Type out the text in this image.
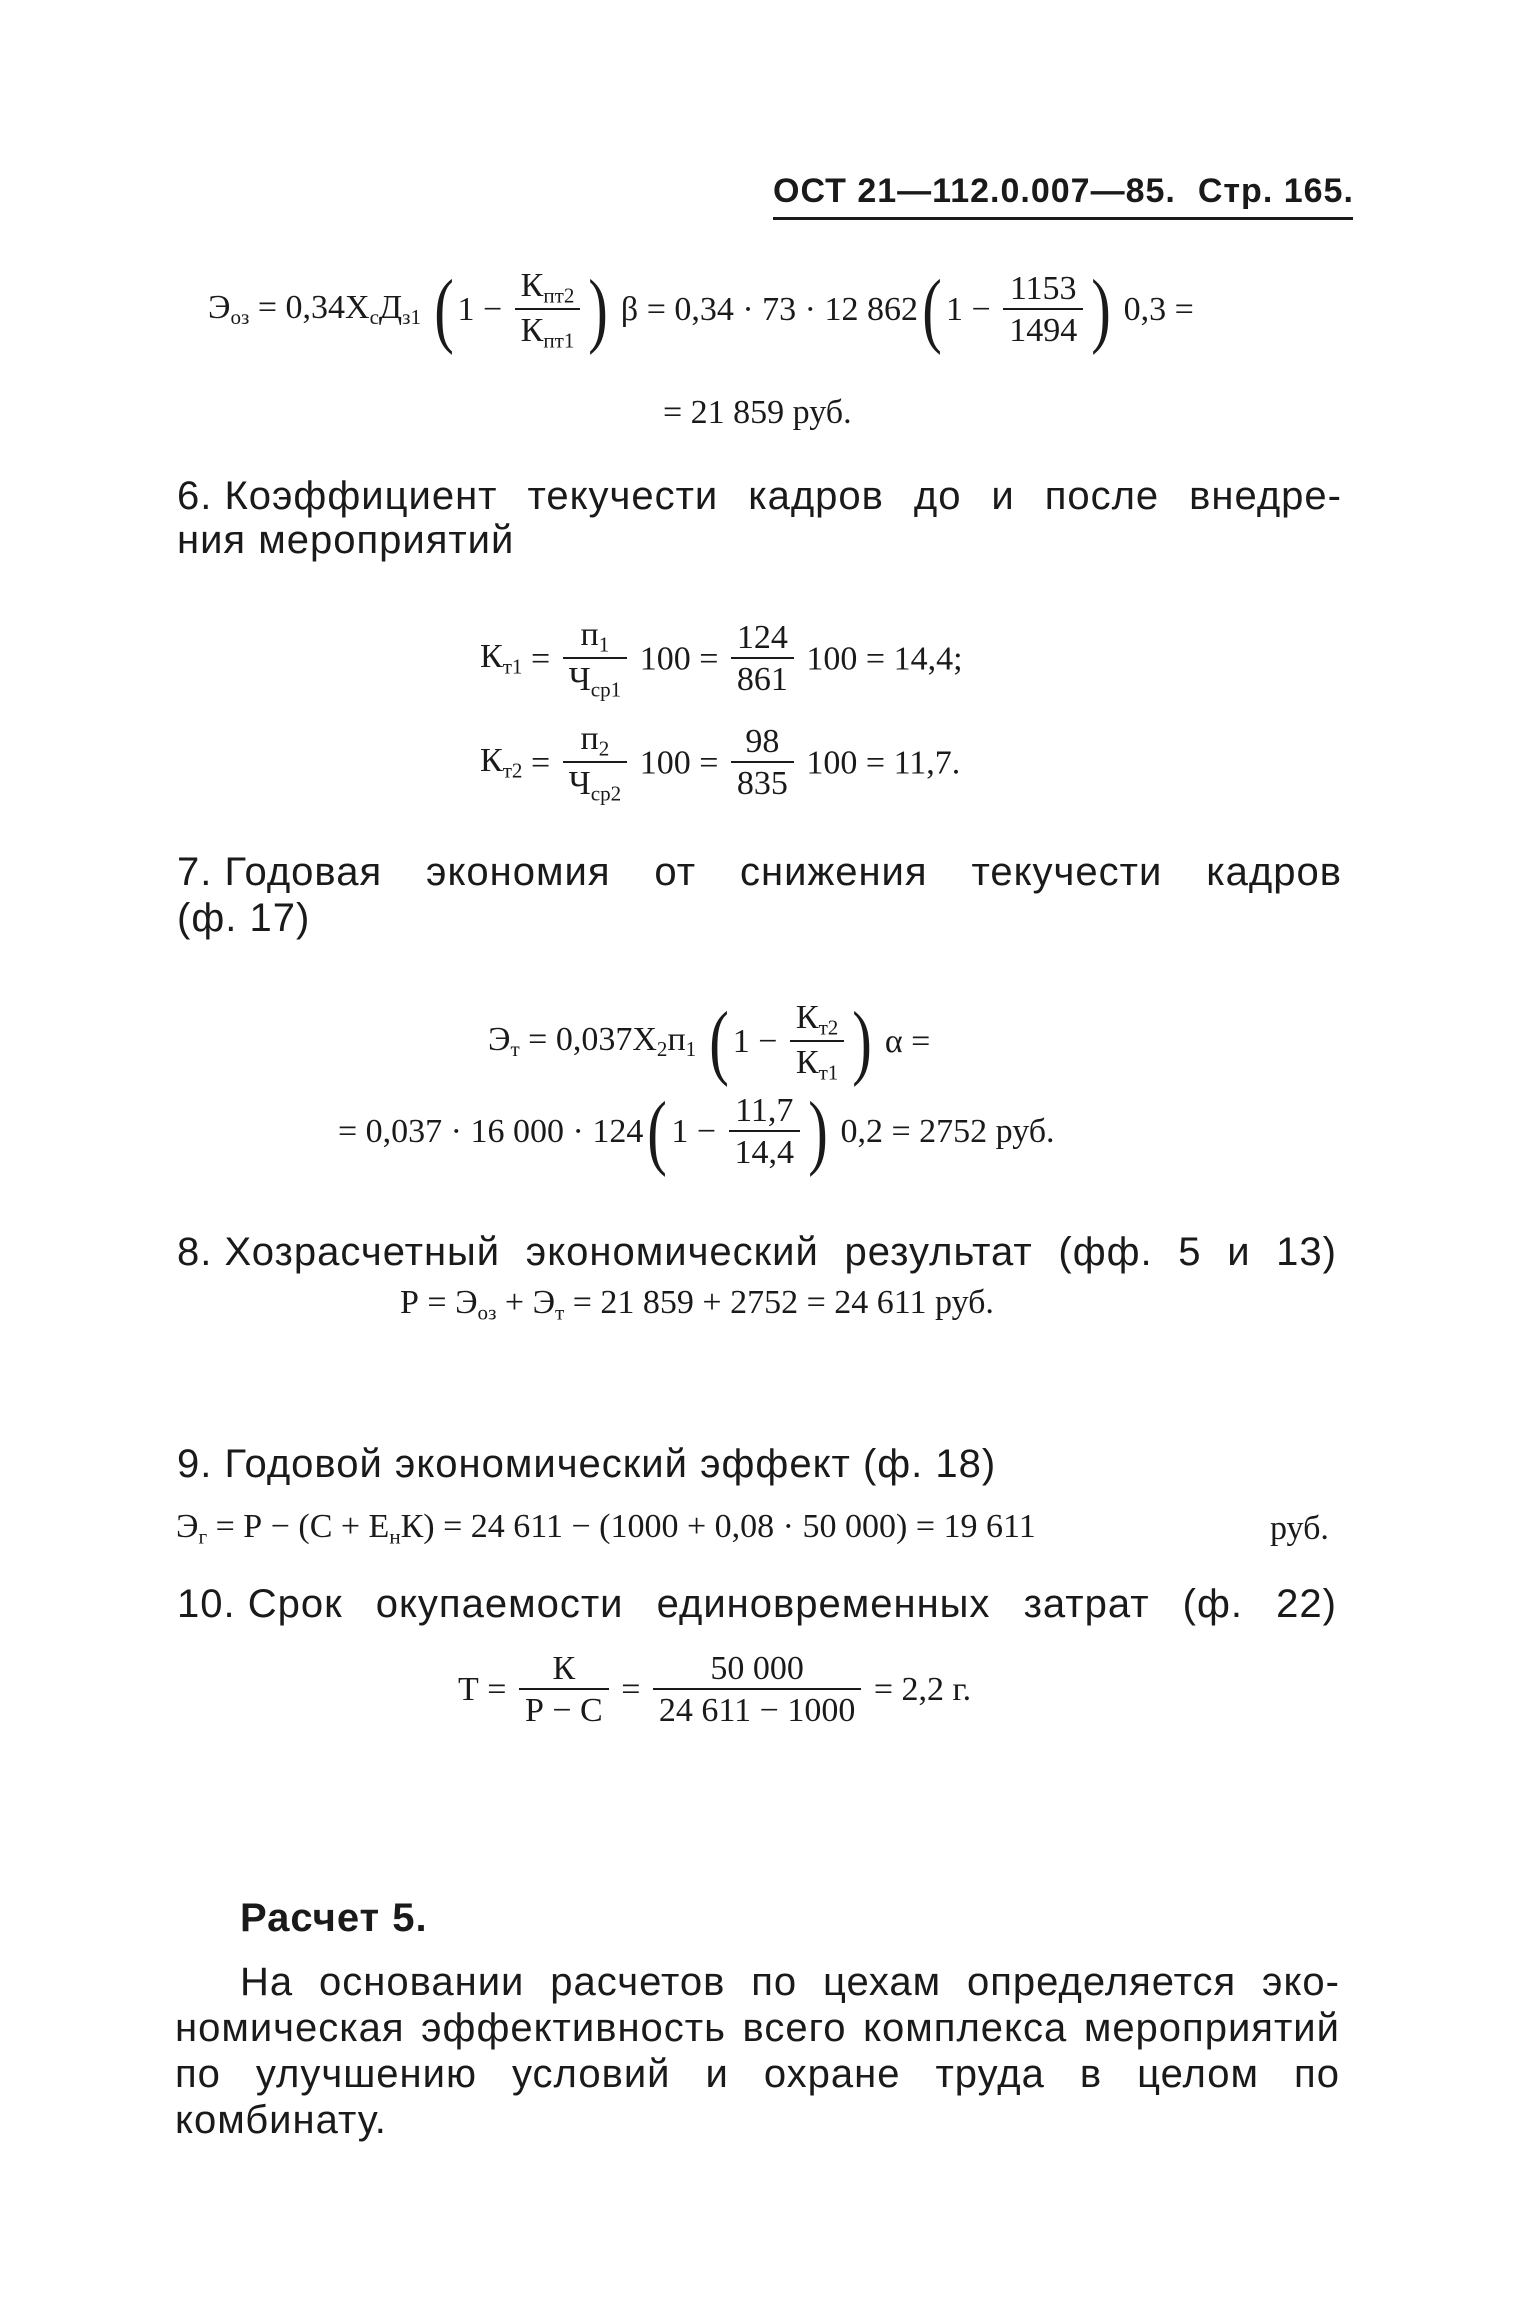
ОСТ 21—112.0.007—85. Стр. 165.
$Э_{оз} = 0,34Х_сД_{з1}$ ( $1 - \frac{К_{пт2}}{К_{пт1}}$ ) β = 0,34 · 73 · 12 862( $1 - \frac{1153}{1494}$ ) 0,3 =
= 21 859 руб.
6. Коэффициент текучести кадров до и после внедре-
ния мероприятий
$К_{т1} = \frac{п_1}{Ч_{ср1}} 100 = \frac{124}{861} 100 = 14,4$;
$К_{т2} = \frac{п_2}{Ч_{ср2}} 100 = \frac{98}{835} 100 = 11,7$.
7. Годовая экономия от снижения текучести кадров
(ф. 17)
$Э_т = 0,037Х_2п_1$ ( $1 - \frac{К_{т2}}{К_{т1}}$ ) α =
= 0,037 · 16 000 · 124( $1 - \frac{11,7}{14,4}$ ) 0,2 = 2752 руб.
8. Хозрасчетный экономический результат (фф. 5 и 13)
$Р = Э_{оз} + Э_т = 21$ 859 + 2752 = 24 611 руб.
9. Годовой экономический эффект (ф. 18)
$Э_г = Р - (С + Е_нК) = 24$ 611 − (1000 + 0,08 · 50 000) = 19 611	руб.
10. Срок окупаемости единовременных затрат (ф. 22)
$Т = \frac{К}{Р - С} = \frac{50 000}{24 611 - 1000} = 2,2$ г.
Расчет 5.
На основании расчетов по цехам определяется эко-
номическая эффективность всего комплекса мероприятий
по улучшению условий и охране труда в целом по
комбинату.
